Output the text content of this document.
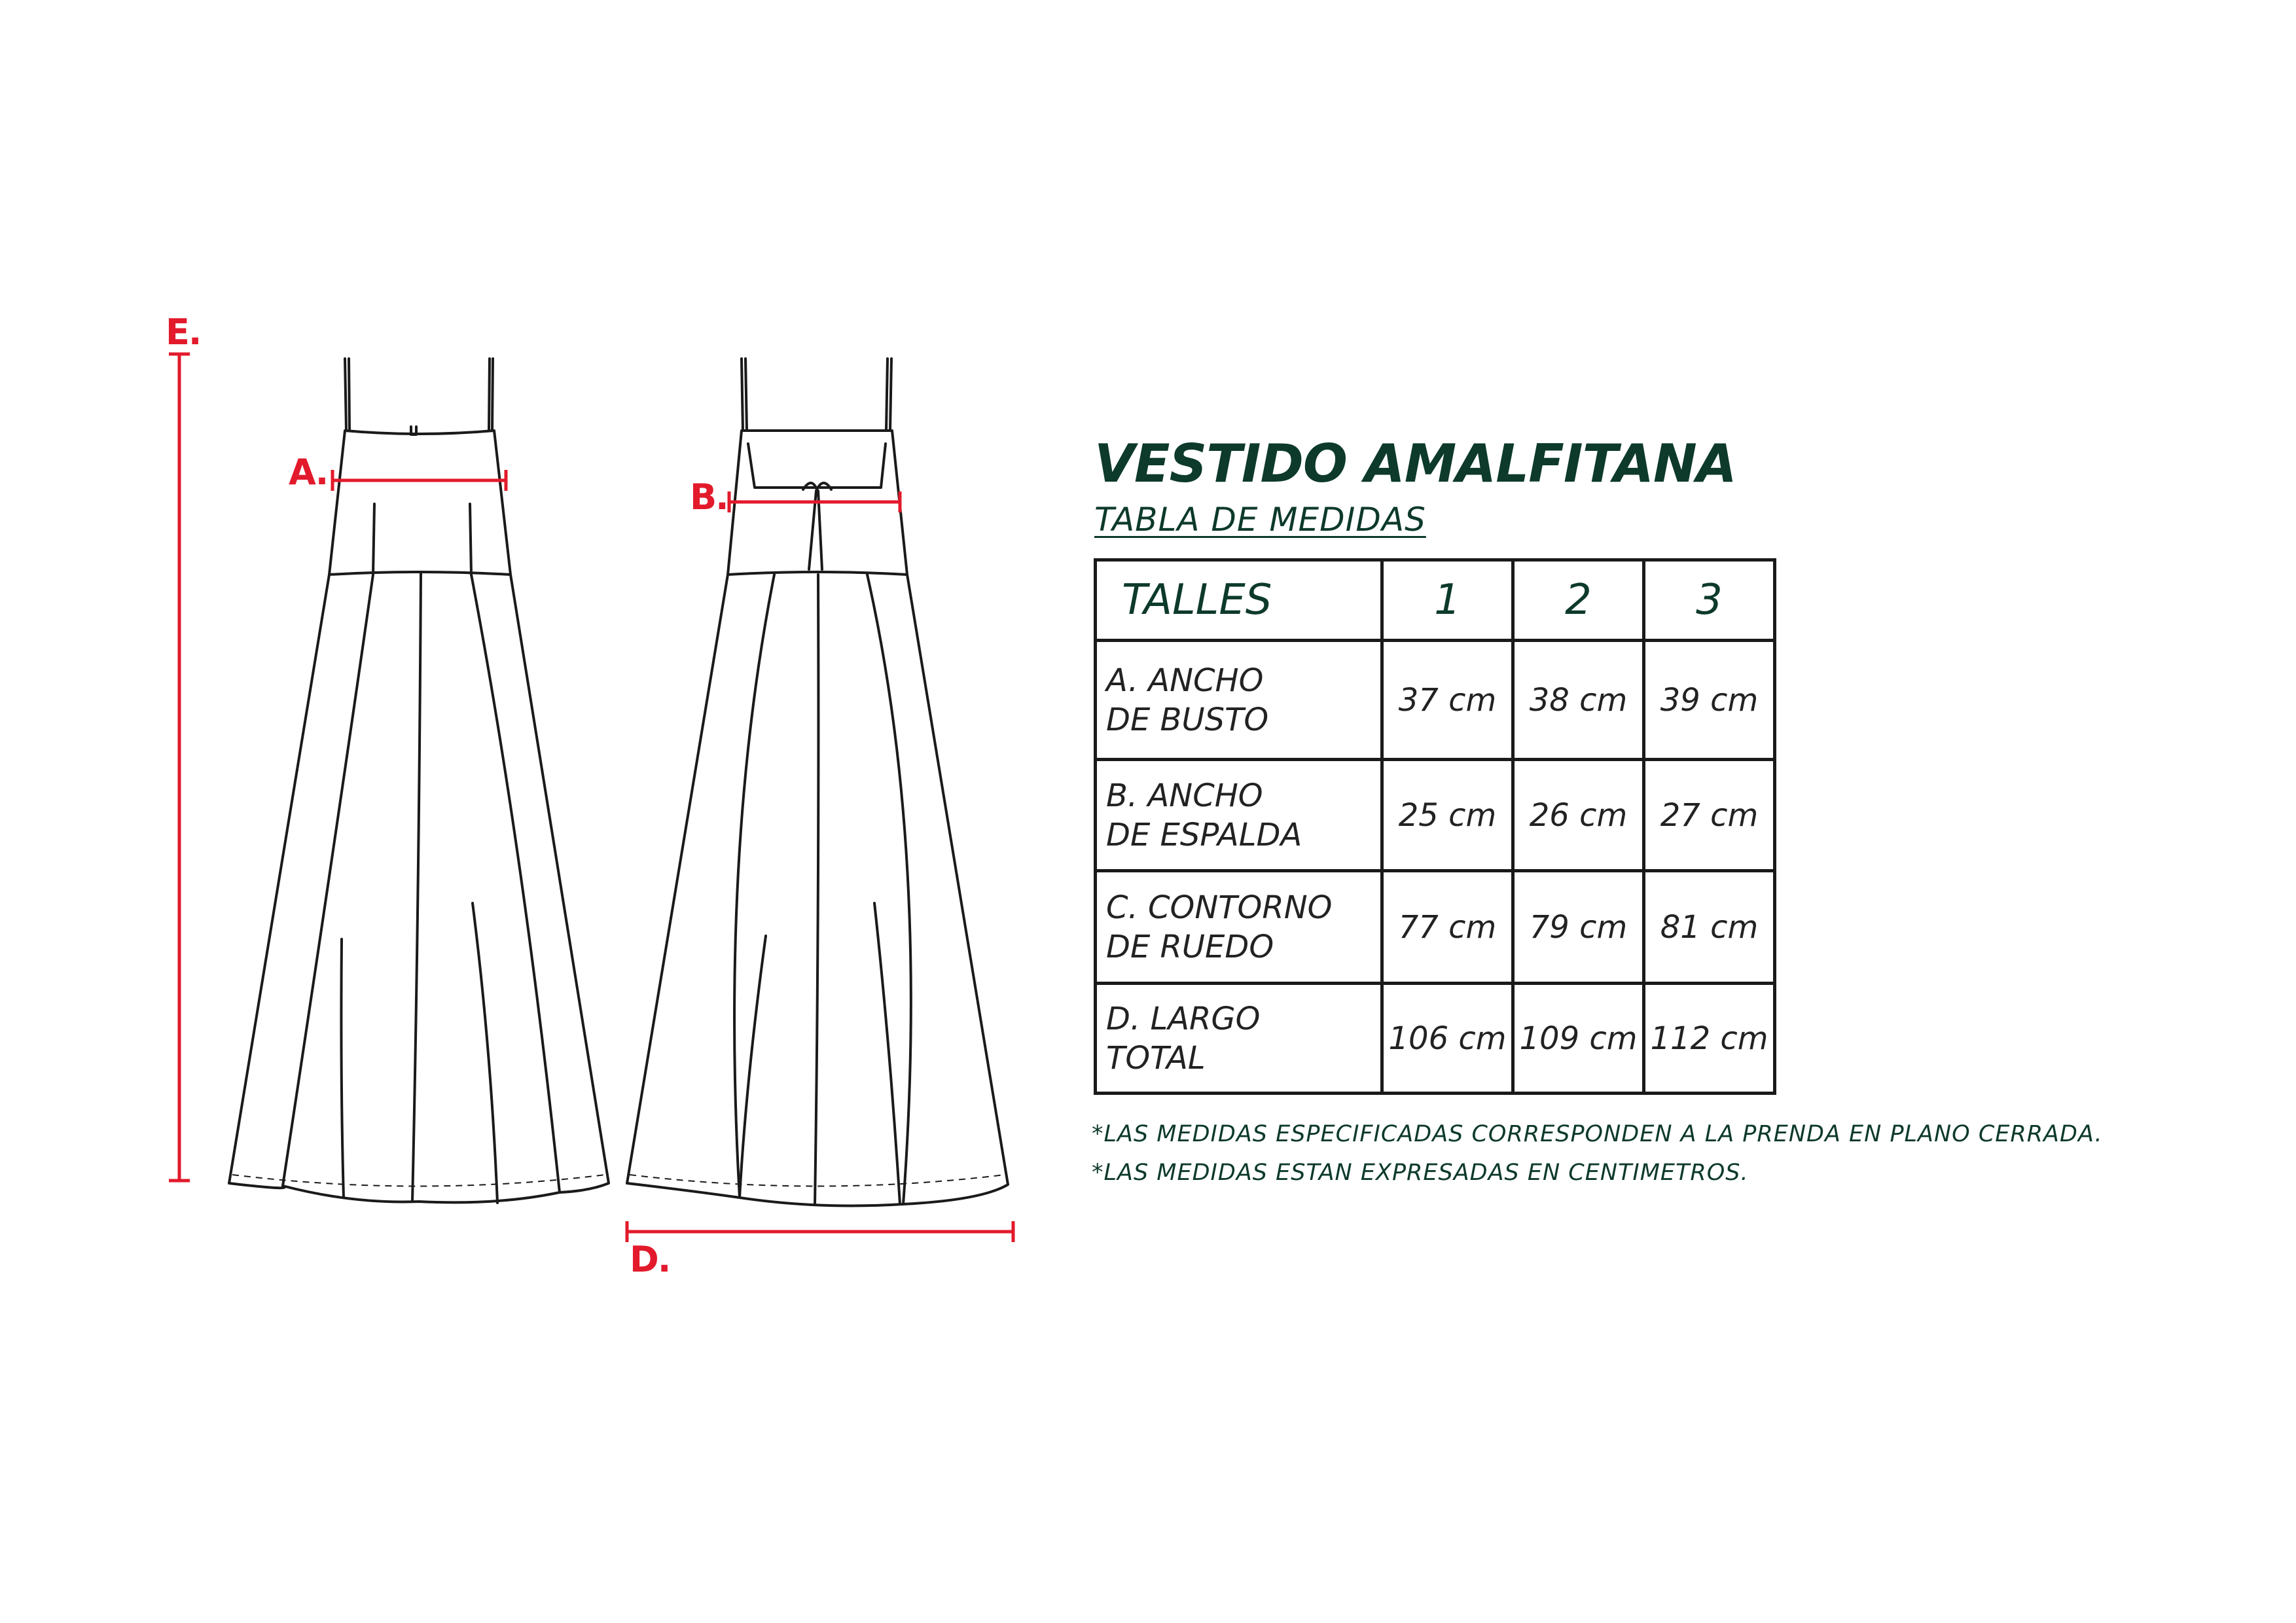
A.
B.
D.
E.
VESTIDO AMALFITANA
TABLA DE MEDIDAS
TALLES	1	2	3

A. ANCHO
DE BUSTO	37 cm	38 cm	39 cm

B. ANCHO
DE ESPALDA	25 cm	26 cm	27 cm

C. CONTORNO
DE RUEDO	77 cm	79 cm	81 cm

D. LARGO
TOTAL	106 cm	109 cm	112 cm
*LAS MEDIDAS ESPECIFICADAS CORRESPONDEN A LA PRENDA EN PLANO CERRADA.
*LAS MEDIDAS ESTAN EXPRESADAS EN CENTIMETROS.
